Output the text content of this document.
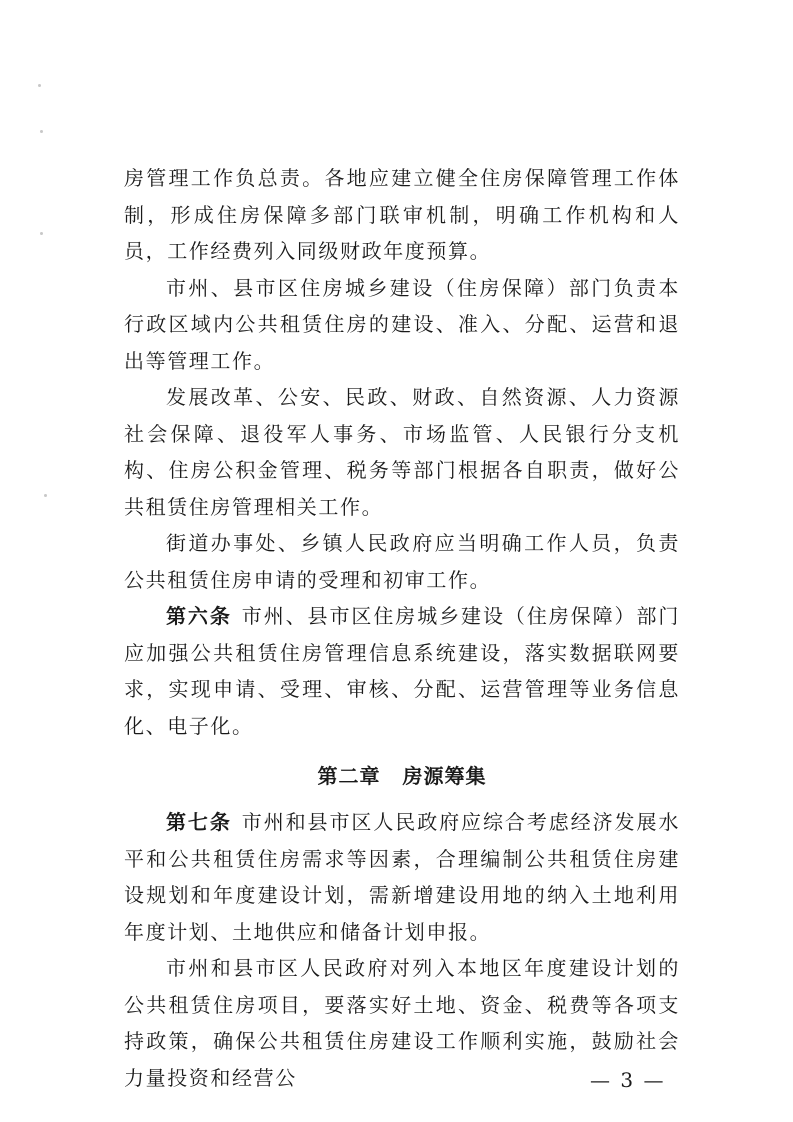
房管理工作负总责。各地应建立健全住房保障管理工作体制，形成住房保障多部门联审机制，明确工作机构和人员，工作经费列入同级财政年度预算。

市州、县市区住房城乡建设（住房保障）部门负责本行政区域内公共租赁住房的建设、准入、分配、运营和退出等管理工作。

发展改革、公安、民政、财政、自然资源、人力资源社会保障、退役军人事务、市场监管、人民银行分支机构、住房公积金管理、税务等部门根据各自职责，做好公共租赁住房管理相关工作。

街道办事处、乡镇人民政府应当明确工作人员，负责公共租赁住房申请的受理和初审工作。

第六条 市州、县市区住房城乡建设（住房保障）部门应加强公共租赁住房管理信息系统建设，落实数据联网要求，实现申请、受理、审核、分配、运营管理等业务信息化、电子化。

第二章 房源筹集

第七条 市州和县市区人民政府应综合考虑经济发展水平和公共租赁住房需求等因素，合理编制公共租赁住房建设规划和年度建设计划，需新增建设用地的纳入土地利用年度计划、土地供应和储备计划申报。

市州和县市区人民政府对列入本地区年度建设计划的公共租赁住房项目，要落实好土地、资金、税费等各项支持政策，确保公共租赁住房建设工作顺利实施，鼓励社会力量投资和经营公	— 3 —
